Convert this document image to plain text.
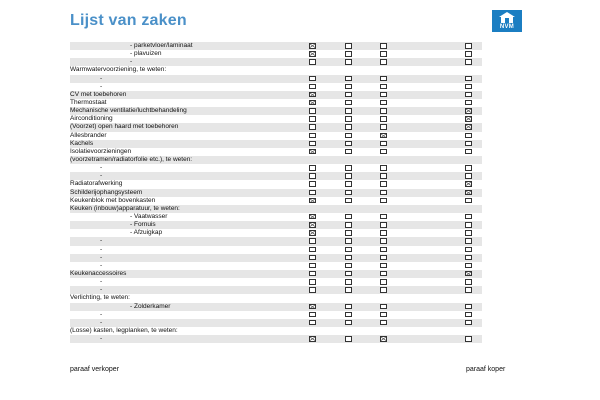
Lijst van zaken	NVM
- parketvloer/laminaat
- plavuizen
-
Warmwatervoorziening, te weten:
-
-
CV met toebehoren
Thermostaat
Mechanische ventilatie/luchtbehandeling
Airconditioning
(Voorzet) open haard met toebehoren
Allesbrander
Kachels
Isolatievoorzieningen
(voorzetramen/radiatorfolie etc.), te weten:
-
-
Radiatorafwerking
Schilderijophangsysteem
Keukenblok met bovenkasten
Keuken (inbouw)apparatuur, te weten:
- Vaatwasser
- Fornuis
- Afzuigkap
-
-
-
-
Keukenaccessoires
-
-
Verlichting, te weten:
- Zolderkamer
-
-
(Losse) kasten, legplanken, te weten:
-
paraaf verkoper	paraaf koper
